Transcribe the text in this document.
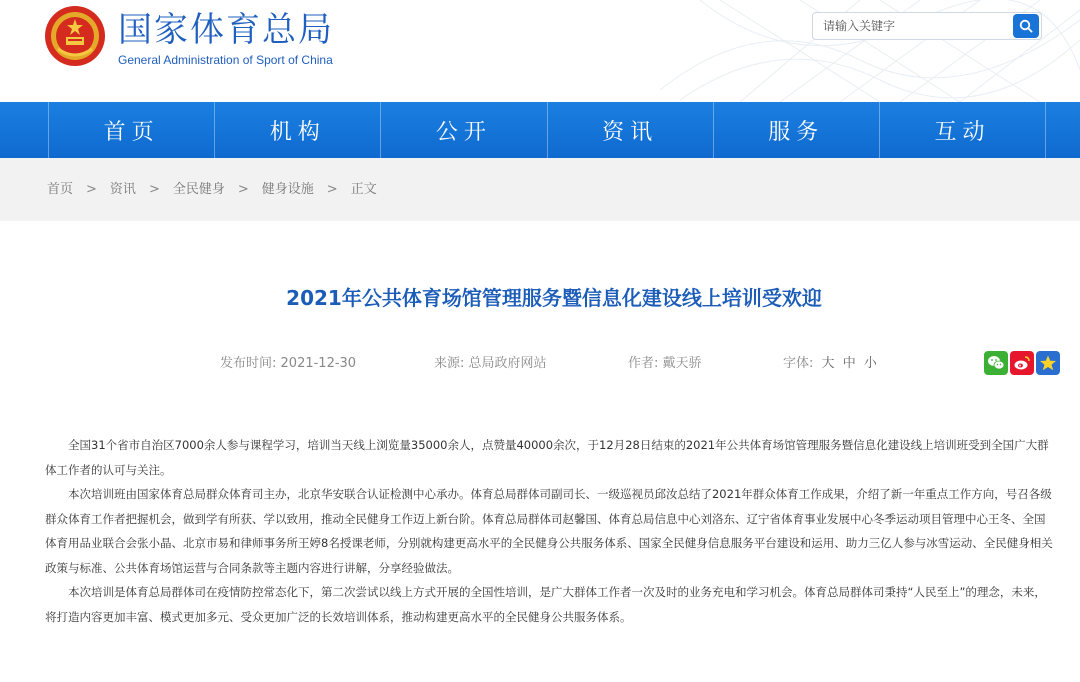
国家体育总局
General Administration of Sport of China
请输入关键字
首页	机构	公开	资讯	服务	互动
首页 > 资讯 > 全民健身 > 健身设施 > 正文
2021年公共体育场馆管理服务暨信息化建设线上培训受欢迎
发布时间: 2021-12-30	来源: 总局政府网站	作者: 戴天骄	字体: 大 中 小

全国31个省市自治区7000余人参与课程学习，培训当天线上浏览量35000余人，点赞量40000余次，于12月28日结束的2021年公共体育场馆管理服务暨信息化建设线上培训班受到全国广大群体工作者的认可与关注。

本次培训班由国家体育总局群众体育司主办，北京华安联合认证检测中心承办。体育总局群体司副司长、一级巡视员邱汝总结了2021年群众体育工作成果，介绍了新一年重点工作方向，号召各级群众体育工作者把握机会，做到学有所获、学以致用，推动全民健身工作迈上新台阶。体育总局群体司赵馨国、体育总局信息中心刘洛东、辽宁省体育事业发展中心冬季运动项目管理中心王冬、全国体育用品业联合会张小晶、北京市易和律师事务所王婷8名授课老师，分别就构建更高水平的全民健身公共服务体系、国家全民健身信息服务平台建设和运用、助力三亿人参与冰雪运动、全民健身相关政策与标准、公共体育场馆运营与合同条款等主题内容进行讲解，分享经验做法。

本次培训是体育总局群体司在疫情防控常态化下，第二次尝试以线上方式开展的全国性培训，是广大群体工作者一次及时的业务充电和学习机会。体育总局群体司秉持“人民至上”的理念，未来，将打造内容更加丰富、模式更加多元、受众更加广泛的长效培训体系，推动构建更高水平的全民健身公共服务体系。
